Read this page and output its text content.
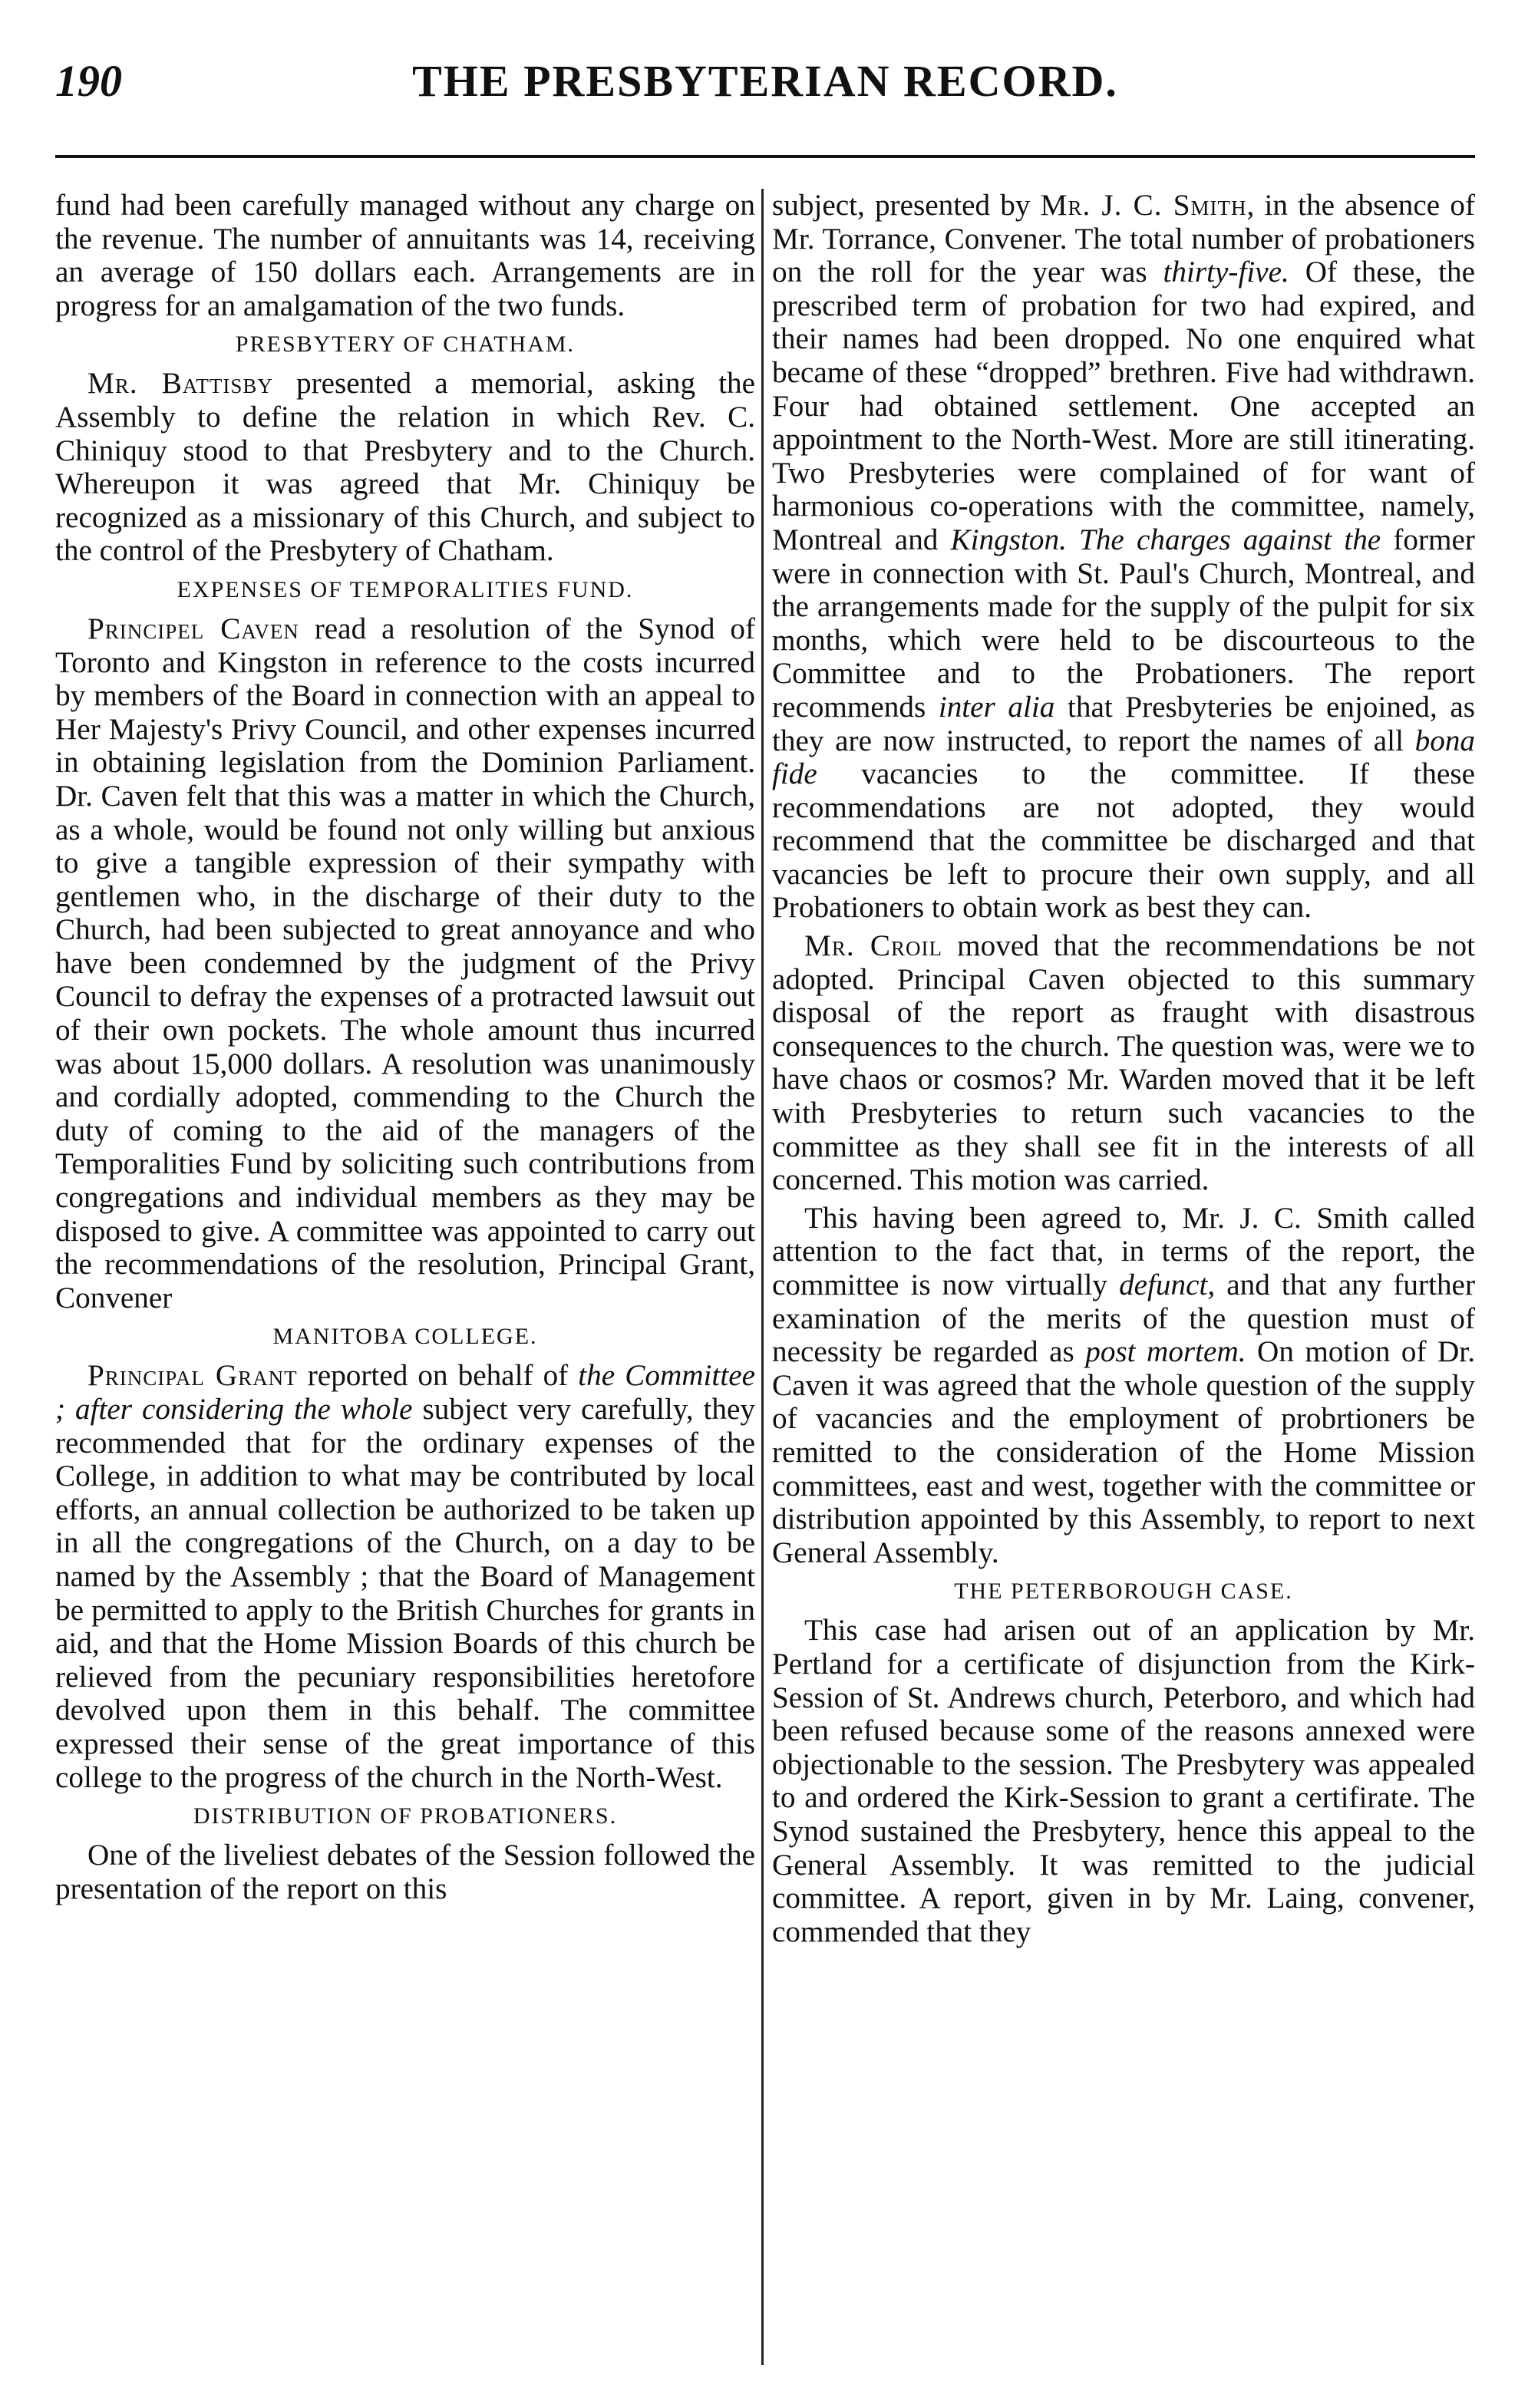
190	THE PRESBYTERIAN RECORD.

fund had been carefully managed without any charge on the revenue. The number of annuitants was 14, receiving an average of 150 dollars each. Arrangements are in progress for an amalgamation of the two funds.

PRESBYTERY OF CHATHAM.

Mr. Battisby presented a memorial, asking the Assembly to define the relation in which Rev. C. Chiniquy stood to that Presbytery and to the Church. Whereupon it was agreed that Mr. Chiniquy be recognized as a missionary of this Church, and subject to the control of the Presbytery of Chatham.

EXPENSES OF TEMPORALITIES FUND.

Principel Caven read a resolution of the Synod of Toronto and Kingston in reference to the costs incurred by members of the Board in connection with an appeal to Her Majesty's Privy Council, and other expenses incurred in obtaining legislation from the Dominion Parliament. Dr. Caven felt that this was a matter in which the Church, as a whole, would be found not only willing but anxious to give a tangible expression of their sympathy with gentlemen who, in the discharge of their duty to the Church, had been subjected to great annoyance and who have been condemned by the judgment of the Privy Council to defray the expenses of a protracted lawsuit out of their own pockets. The whole amount thus incurred was about 15,000 dollars. A resolution was unanimously and cordially adopted, commending to the Church the duty of coming to the aid of the managers of the Temporalities Fund by soliciting such contributions from congregations and individual members as they may be disposed to give. A committee was appointed to carry out the recommendations of the resolution, Principal Grant, Convener

MANITOBA COLLEGE.

Principal Grant reported on behalf of the Committee ; after considering the whole subject very carefully, they recommended that for the ordinary expenses of the College, in addition to what may be contributed by local efforts, an annual collection be authorized to be taken up in all the congregations of the Church, on a day to be named by the Assembly ; that the Board of Management be permitted to apply to the British Churches for grants in aid, and that the Home Mission Boards of this church be relieved from the pecuniary responsibilities heretofore devolved upon them in this behalf. The committee expressed their sense of the great importance of this college to the progress of the church in the North-West.

DISTRIBUTION OF PROBATIONERS.

One of the liveliest debates of the Session followed the presentation of the report on this

subject, presented by Mr. J. C. Smith, in the absence of Mr. Torrance, Convener. The total number of probationers on the roll for the year was thirty-five. Of these, the prescribed term of probation for two had expired, and their names had been dropped. No one enquired what became of these “dropped” brethren. Five had withdrawn. Four had obtained settlement. One accepted an appointment to the North-West. More are still itinerating. Two Presbyteries were complained of for want of harmonious co-operations with the committee, namely, Montreal and Kingston. The charges against the former were in connection with St. Paul's Church, Montreal, and the arrangements made for the supply of the pulpit for six months, which were held to be discourteous to the Committee and to the Probationers. The report recommends inter alia that Presbyteries be enjoined, as they are now instructed, to report the names of all bona fide vacancies to the committee. If these recommendations are not adopted, they would recommend that the committee be discharged and that vacancies be left to procure their own supply, and all Probationers to obtain work as best they can.

Mr. Croil moved that the recommendations be not adopted. Principal Caven objected to this summary disposal of the report as fraught with disastrous consequences to the church. The question was, were we to have chaos or cosmos? Mr. Warden moved that it be left with Presbyteries to return such vacancies to the committee as they shall see fit in the interests of all concerned. This motion was carried.

This having been agreed to, Mr. J. C. Smith called attention to the fact that, in terms of the report, the committee is now virtually defunct, and that any further examination of the merits of the question must of necessity be regarded as post mortem. On motion of Dr. Caven it was agreed that the whole question of the supply of vacancies and the employment of probrtioners be remitted to the consideration of the Home Mission committees, east and west, together with the committee or distribution appointed by this Assembly, to report to next General Assembly.

THE PETERBOROUGH CASE.

This case had arisen out of an application by Mr. Pertland for a certificate of disjunction from the Kirk-Session of St. Andrews church, Peterboro, and which had been refused because some of the reasons annexed were objectionable to the session. The Presbytery was appealed to and ordered the Kirk-Session to grant a certifirate. The Synod sustained the Presbytery, hence this appeal to the General Assembly. It was remitted to the judicial committee. A report, given in by Mr. Laing, convener, commended that they
